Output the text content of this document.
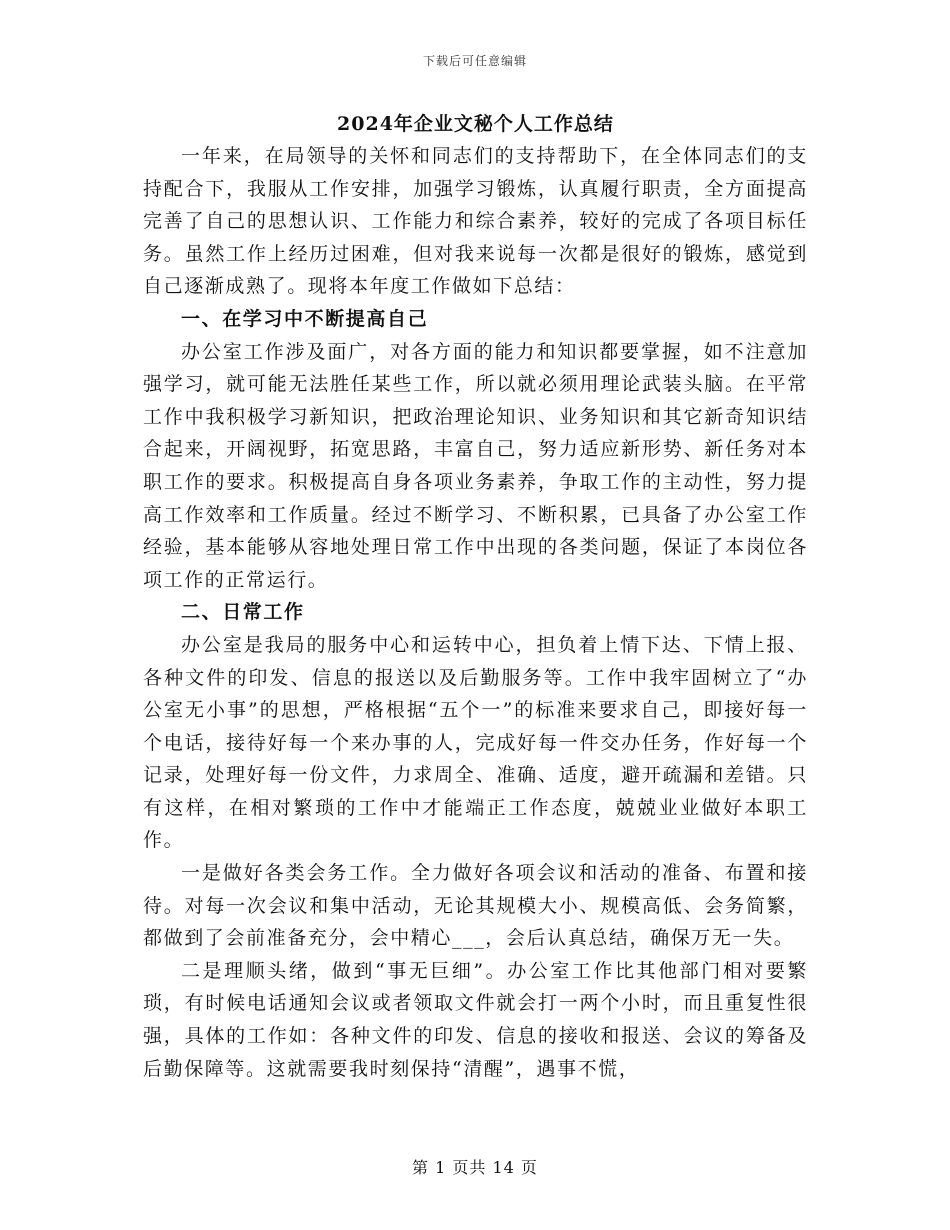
下载后可任意编辑
2024年企业文秘个人工作总结

一年来，在局领导的关怀和同志们的支持帮助下，在全体同志们的支持配合下，我服从工作安排，加强学习锻炼，认真履行职责，全方面提高完善了自己的思想认识、工作能力和综合素养，较好的完成了各项目标任务。虽然工作上经历过困难，但对我来说每一次都是很好的锻炼，感觉到自己逐渐成熟了。现将本年度工作做如下总结：

一、在学习中不断提高自己

办公室工作涉及面广，对各方面的能力和知识都要掌握，如不注意加强学习，就可能无法胜任某些工作，所以就必须用理论武装头脑。在平常工作中我积极学习新知识，把政治理论知识、业务知识和其它新奇知识结合起来，开阔视野，拓宽思路，丰富自己，努力适应新形势、新任务对本职工作的要求。积极提高自身各项业务素养，争取工作的主动性，努力提高工作效率和工作质量。经过不断学习、不断积累，已具备了办公室工作经验，基本能够从容地处理日常工作中出现的各类问题，保证了本岗位各项工作的正常运行。

二、日常工作

办公室是我局的服务中心和运转中心，担负着上情下达、下情上报、各种文件的印发、信息的报送以及后勤服务等。工作中我牢固树立了“办公室无小事”的思想，严格根据“五个一”的标准来要求自己，即接好每一个电话，接待好每一个来办事的人，完成好每一件交办任务，作好每一个记录，处理好每一份文件，力求周全、准确、适度，避开疏漏和差错。只有这样，在相对繁琐的工作中才能端正工作态度，兢兢业业做好本职工作。

一是做好各类会务工作。全力做好各项会议和活动的准备、布置和接待。对每一次会议和集中活动，无论其规模大小、规模高低、会务简繁，都做到了会前准备充分，会中精心___，会后认真总结，确保万无一失。

二是理顺头绪，做到“事无巨细”。办公室工作比其他部门相对要繁琐，有时候电话通知会议或者领取文件就会打一两个小时，而且重复性很强，具体的工作如：各种文件的印发、信息的接收和报送、会议的筹备及后勤保障等。这就需要我时刻保持“清醒”，遇事不慌，

第 1 页共 14 页
